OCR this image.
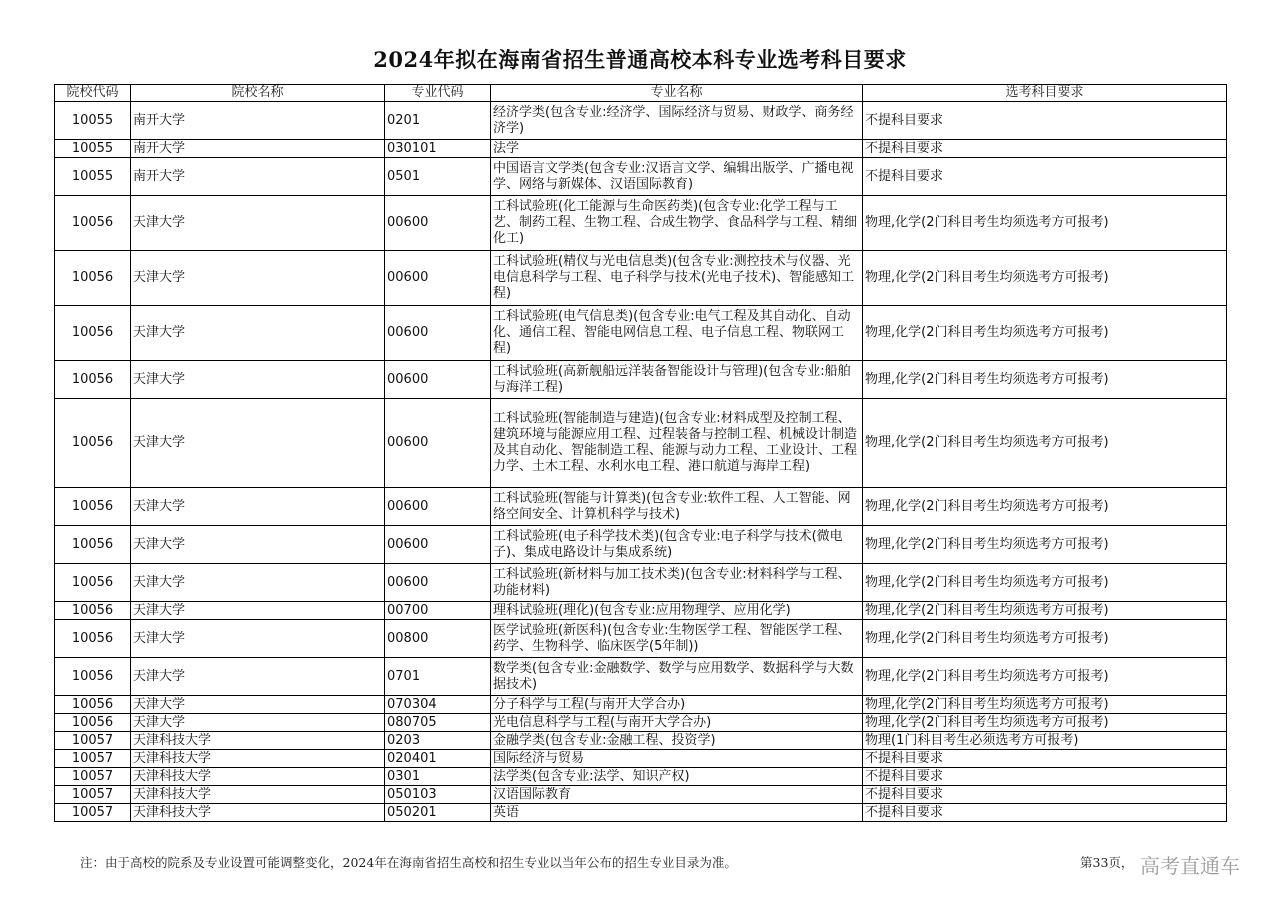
2024年拟在海南省招生普通高校本科专业选考科目要求
院校代码	院校名称	专业代码	专业名称	选考科目要求
10055	南开大学	0201	经济学类(包含专业:经济学、国际经济与贸易、财政学、商务经济学)	不提科目要求
10055	南开大学	030101	法学	不提科目要求
10055	南开大学	0501	中国语言文学类(包含专业:汉语言文学、编辑出版学、广播电视学、网络与新媒体、汉语国际教育)	不提科目要求
10056	天津大学	00600	工科试验班(化工能源与生命医药类)(包含专业:化学工程与工艺、制药工程、生物工程、合成生物学、食品科学与工程、精细化工)	物理,化学(2门科目考生均须选考方可报考)
10056	天津大学	00600	工科试验班(精仪与光电信息类)(包含专业:测控技术与仪器、光电信息科学与工程、电子科学与技术(光电子技术)、智能感知工程)	物理,化学(2门科目考生均须选考方可报考)
10056	天津大学	00600	工科试验班(电气信息类)(包含专业:电气工程及其自动化、自动化、通信工程、智能电网信息工程、电子信息工程、物联网工程)	物理,化学(2门科目考生均须选考方可报考)
10056	天津大学	00600	工科试验班(高新舰船远洋装备智能设计与管理)(包含专业:船舶与海洋工程)	物理,化学(2门科目考生均须选考方可报考)
10056	天津大学	00600	工科试验班(智能制造与建造)(包含专业:材料成型及控制工程、建筑环境与能源应用工程、过程装备与控制工程、机械设计制造及其自动化、智能制造工程、能源与动力工程、工业设计、工程力学、土木工程、水利水电工程、港口航道与海岸工程)	物理,化学(2门科目考生均须选考方可报考)
10056	天津大学	00600	工科试验班(智能与计算类)(包含专业:软件工程、人工智能、网络空间安全、计算机科学与技术)	物理,化学(2门科目考生均须选考方可报考)
10056	天津大学	00600	工科试验班(电子科学技术类)(包含专业:电子科学与技术(微电子)、集成电路设计与集成系统)	物理,化学(2门科目考生均须选考方可报考)
10056	天津大学	00600	工科试验班(新材料与加工技术类)(包含专业:材料科学与工程、功能材料)	物理,化学(2门科目考生均须选考方可报考)
10056	天津大学	00700	理科试验班(理化)(包含专业:应用物理学、应用化学)	物理,化学(2门科目考生均须选考方可报考)
10056	天津大学	00800	医学试验班(新医科)(包含专业:生物医学工程、智能医学工程、药学、生物科学、临床医学(5年制))	物理,化学(2门科目考生均须选考方可报考)
10056	天津大学	0701	数学类(包含专业:金融数学、数学与应用数学、数据科学与大数据技术)	物理,化学(2门科目考生均须选考方可报考)
10056	天津大学	070304	分子科学与工程(与南开大学合办)	物理,化学(2门科目考生均须选考方可报考)
10056	天津大学	080705	光电信息科学与工程(与南开大学合办)	物理,化学(2门科目考生均须选考方可报考)
10057	天津科技大学	0203	金融学类(包含专业:金融工程、投资学)	物理(1门科目考生必须选考方可报考)
10057	天津科技大学	020401	国际经济与贸易	不提科目要求
10057	天津科技大学	0301	法学类(包含专业:法学、知识产权)	不提科目要求
10057	天津科技大学	050103	汉语国际教育	不提科目要求
10057	天津科技大学	050201	英语	不提科目要求
注：由于高校的院系及专业设置可能调整变化，2024年在海南省招生高校和招生专业以当年公布的招生专业目录为准。	第33页， 高考直通车
